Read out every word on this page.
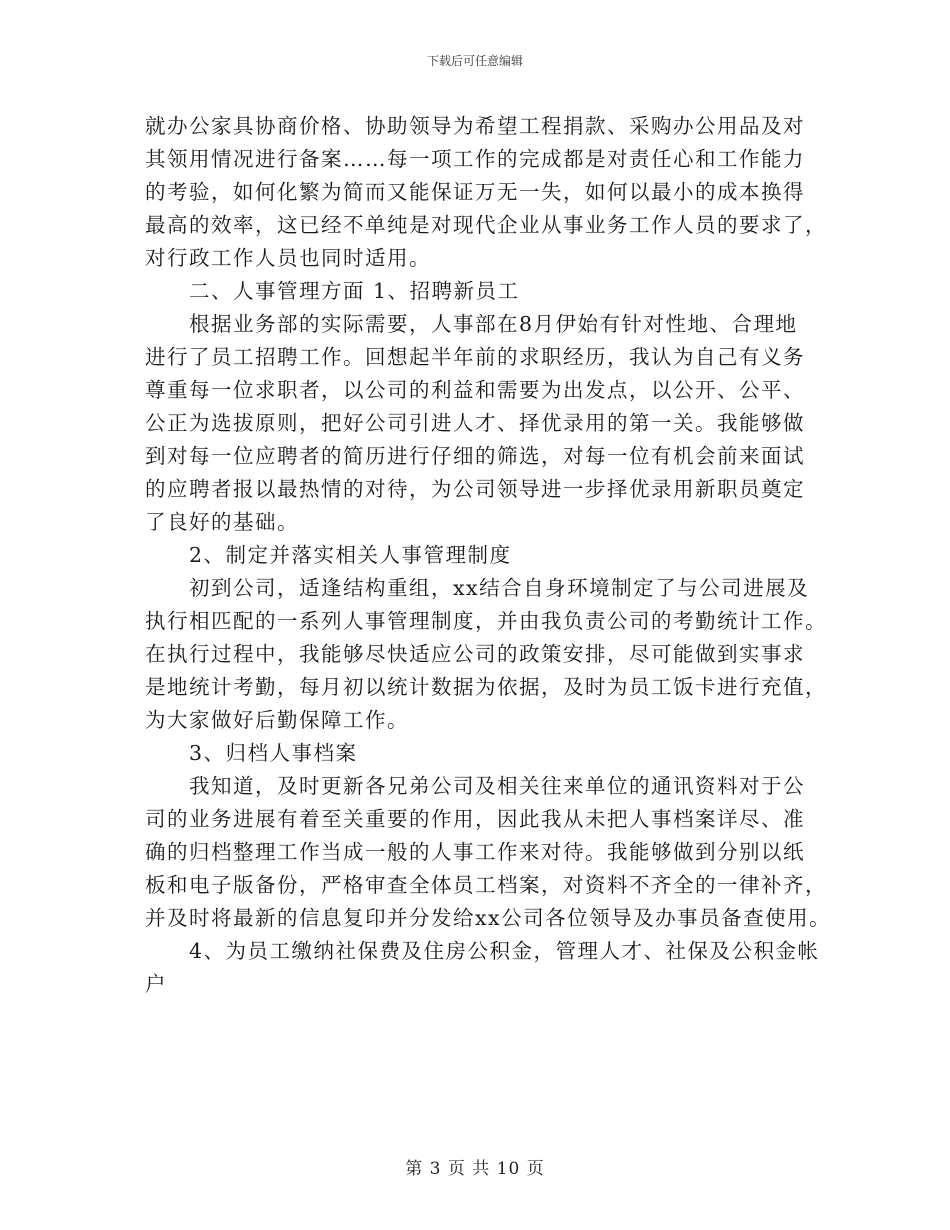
下载后可任意编辑
就办公家具协商价格、协助领导为希望工程捐款、采购办公用品及对
其领用情况进行备案……每一项工作的完成都是对责任心和工作能力
的考验，如何化繁为简而又能保证万无一失，如何以最小的成本换得
最高的效率，这已经不单纯是对现代企业从事业务工作人员的要求了，
对行政工作人员也同时适用。
　　二、人事管理方面 1、招聘新员工
　　根据业务部的实际需要，人事部在8月伊始有针对性地、合理地
进行了员工招聘工作。回想起半年前的求职经历，我认为自己有义务
尊重每一位求职者，以公司的利益和需要为出发点，以公开、公平、
公正为选拔原则，把好公司引进人才、择优录用的第一关。我能够做
到对每一位应聘者的简历进行仔细的筛选，对每一位有机会前来面试
的应聘者报以最热情的对待，为公司领导进一步择优录用新职员奠定
了良好的基础。
　　2、制定并落实相关人事管理制度
　　初到公司，适逢结构重组，xx结合自身环境制定了与公司进展及
执行相匹配的一系列人事管理制度，并由我负责公司的考勤统计工作。
在执行过程中，我能够尽快适应公司的政策安排，尽可能做到实事求
是地统计考勤，每月初以统计数据为依据，及时为员工饭卡进行充值，
为大家做好后勤保障工作。
　　3、归档人事档案
　　我知道，及时更新各兄弟公司及相关往来单位的通讯资料对于公
司的业务进展有着至关重要的作用，因此我从未把人事档案详尽、准
确的归档整理工作当成一般的人事工作来对待。我能够做到分别以纸
板和电子版备份，严格审查全体员工档案，对资料不齐全的一律补齐，
并及时将最新的信息复印并分发给xx公司各位领导及办事员备查使用。
　　4、为员工缴纳社保费及住房公积金，管理人才、社保及公积金帐
户
第 3 页 共 10 页
